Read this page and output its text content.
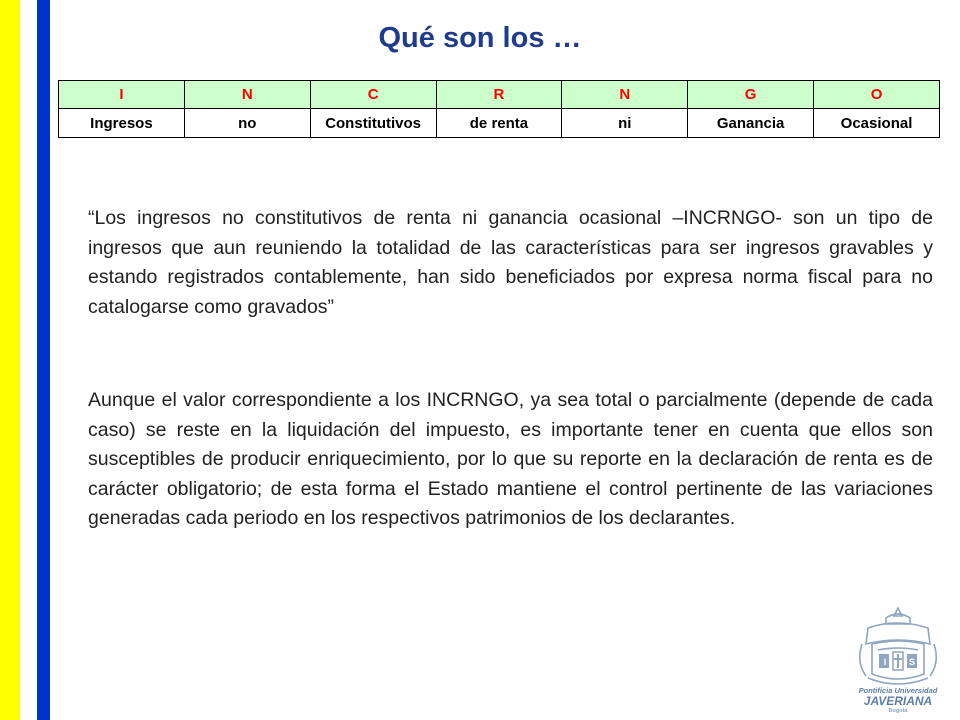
Qué son los …
I	N	C	R	N	G	O
Ingresos	no	Constitutivos	de renta	ni	Ganancia	Ocasional

“Los ingresos no constitutivos de renta ni ganancia ocasional –INCRNGO- son un tipo de ingresos que aun reuniendo la totalidad de las características para ser ingresos gravables y estando registrados contablemente, han sido beneficiados por expresa norma fiscal para no catalogarse como gravados”

Aunque el valor correspondiente a los INCRNGO, ya sea total o parcialmente (depende de cada caso) se reste en la liquidación del impuesto, es importante tener en cuenta que ellos son susceptibles de producir enriquecimiento, por lo que su reporte en la declaración de renta es de carácter obligatorio; de esta forma el Estado mantiene el control pertinente de las variaciones generadas cada periodo en los respectivos patrimonios de los declarantes.

I	S
Pontificia Universidad
JAVERIANA
Bogotá
